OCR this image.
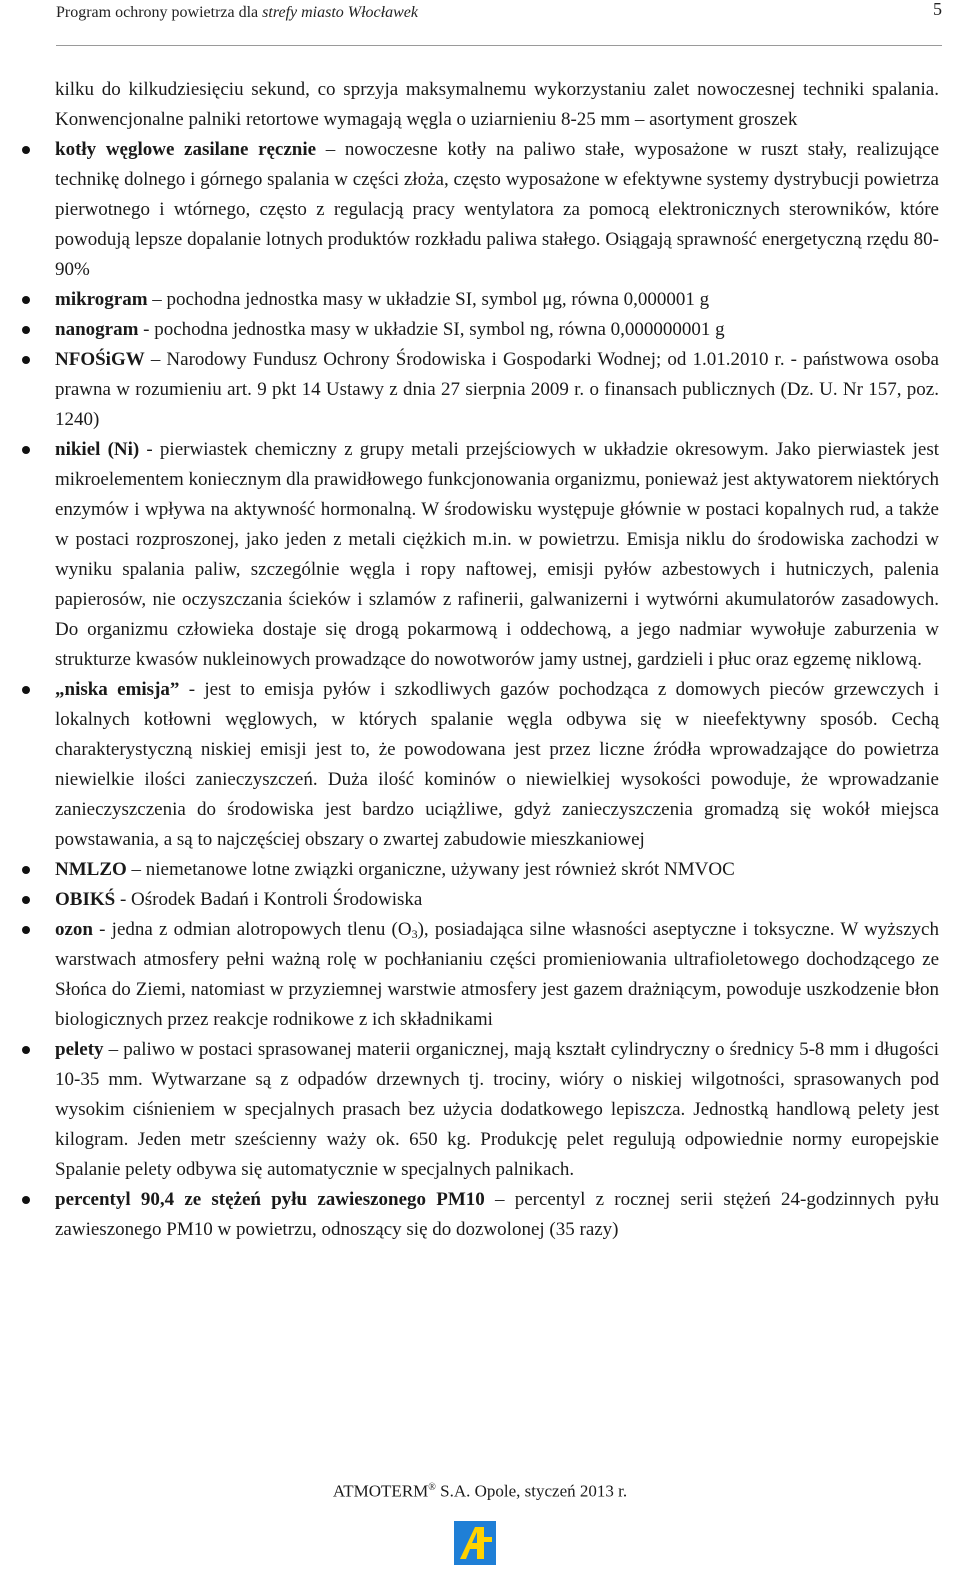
Program ochrony powietrza dla strefy miasto Włocławek	5

kilku do kilkudziesięciu sekund, co sprzyja maksymalnemu wykorzystaniu zalet nowoczesnej techniki spalania. Konwencjonalne palniki retortowe wymagają węgla o uziarnieniu 8-25 mm – asortyment groszek

kotły węglowe zasilane ręcznie – nowoczesne kotły na paliwo stałe, wyposażone w ruszt stały, realizujące technikę dolnego i górnego spalania w części złoża, często wyposażone w efektywne systemy dystrybucji powietrza pierwotnego i wtórnego, często z regulacją pracy wentylatora za pomocą elektronicznych sterowników, które powodują lepsze dopalanie lotnych produktów rozkładu paliwa stałego. Osiągają sprawność energetyczną rzędu 80-90%
mikrogram – pochodna jednostka masy w układzie SI, symbol μg, równa 0,000001 g
nanogram - pochodna jednostka masy w układzie SI, symbol ng, równa 0,000000001 g
NFOŚiGW – Narodowy Fundusz Ochrony Środowiska i Gospodarki Wodnej; od 1.01.2010 r. - państwowa osoba prawna w rozumieniu art. 9 pkt 14 Ustawy z dnia 27 sierpnia 2009 r. o finansach publicznych (Dz. U. Nr 157, poz. 1240)
nikiel (Ni) - pierwiastek chemiczny z grupy metali przejściowych w układzie okresowym. Jako pierwiastek jest mikroelementem koniecznym dla prawidłowego funkcjonowania organizmu, ponieważ jest aktywatorem niektórych enzymów i wpływa na aktywność hormonalną. W środowisku występuje głównie w postaci kopalnych rud, a także w postaci rozproszonej, jako jeden z metali ciężkich m.in. w powietrzu. Emisja niklu do środowiska zachodzi w wyniku spalania paliw, szczególnie węgla i ropy naftowej, emisji pyłów azbestowych i hutniczych, palenia papierosów, nie oczyszczania ścieków i szlamów z rafinerii, galwanizerni i wytwórni akumulatorów zasadowych. Do organizmu człowieka dostaje się drogą pokarmową i oddechową, a jego nadmiar wywołuje zaburzenia w strukturze kwasów nukleinowych prowadzące do nowotworów jamy ustnej, gardzieli i płuc oraz egzemę niklową.
„niska emisja” - jest to emisja pyłów i szkodliwych gazów pochodząca z domowych pieców grzewczych i lokalnych kotłowni węglowych, w których spalanie węgla odbywa się w nieefektywny sposób. Cechą charakterystyczną niskiej emisji jest to, że powodowana jest przez liczne źródła wprowadzające do powietrza niewielkie ilości zanieczyszczeń. Duża ilość kominów o niewielkiej wysokości powoduje, że wprowadzanie zanieczyszczenia do środowiska jest bardzo uciążliwe, gdyż zanieczyszczenia gromadzą się wokół miejsca powstawania, a są to najczęściej obszary o zwartej zabudowie mieszkaniowej
NMLZO – niemetanowe lotne związki organiczne, używany jest również skrót NMVOC
OBIKŚ - Ośrodek Badań i Kontroli Środowiska
ozon - jedna z odmian alotropowych tlenu $(O_3)$, posiadająca silne własności aseptyczne i toksyczne. W wyższych warstwach atmosfery pełni ważną rolę w pochłanianiu części promieniowania ultrafioletowego dochodzącego ze Słońca do Ziemi, natomiast w przyziemnej warstwie atmosfery jest gazem drażniącym, powoduje uszkodzenie błon biologicznych przez reakcje rodnikowe z ich składnikami
pelety – paliwo w postaci sprasowanej materii organicznej, mają kształt cylindryczny o średnicy 5-8 mm i długości 10-35 mm. Wytwarzane są z odpadów drzewnych tj. trociny, wióry o niskiej wilgotności, sprasowanych pod wysokim ciśnieniem w specjalnych prasach bez użycia dodatkowego lepiszcza. Jednostką handlową pelety jest kilogram. Jeden metr sześcienny waży ok. 650 kg. Produkcję pelet regulują odpowiednie normy europejskie Spalanie pelety odbywa się automatycznie w specjalnych palnikach.
percentyl 90,4 ze stężeń pyłu zawieszonego PM10 – percentyl z rocznej serii stężeń 24-godzinnych pyłu zawieszonego PM10 w powietrzu, odnoszący się do dozwolonej (35 razy)
ATMOTERM® S.A. Opole, styczeń 2013 r.
